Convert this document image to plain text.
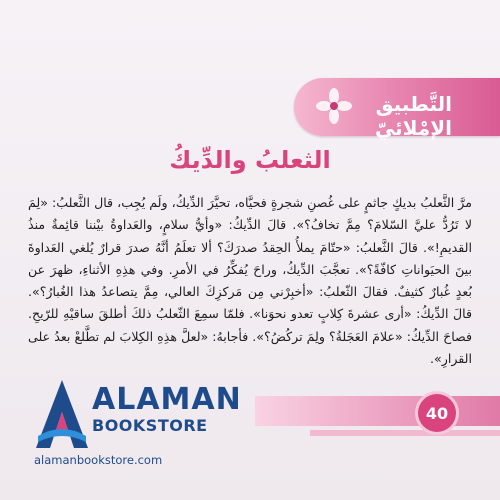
التَّطبيق الإمْلائيّ
الثعلبُ والدِّيكُ

مرَّ الثَّعلبُ بديكٍ جاثمٍ على غُصنِ شجرةٍ فحيَّاه، تحيَّرَ الدِّيكُ، ولَم يُجِب، قال الثَّعلبُ: «لِمَ لا تَرُدُّ عليَّ السّلامَ؟ مِمَّ تخافُ؟». قالَ الدِّيكُ: «وأيُّ سلامٍ، والعَداوةُ بيْننا قائِمةٌ منذُ القديمِ!». قالَ الثَّعلبُ: «حتّامَ يملأُ الحِقدُ صدرَكَ؟ ألا تعلَمُ أنَّهُ صدرَ قرارٌ يُلغي العَداوةَ بينَ الحيَواناتِ كافّةً؟». تعجَّبَ الدِّيكُ، وراحَ يُفكِّرُ في الأمرِ. وفي هذِهِ الأثناءِ، ظهرَ عن بُعدٍ غُبارٌ كثيفٌ. فقالَ الثّعلبُ: «أخبِرْني مِن مَركزِكَ العالي، مِمَّ يتصاعدُ هذا الغُبارُ؟». قالَ الدِّيكُ: «أرى عشرةَ كِلابٍ تعدو نحوَنا». فلمّا سمِعَ الثّعلبُ ذلكَ أطلقَ ساقيْهِ للرّيحِ. فصاحَ الدِّيكُ: «علامَ العَجَلةُ؟ ولِمَ تركُضُ؟». فأجابهُ: «لعلَّ هذِهِ الكِلابَ لم تطَّلعْ بعدُ على القرارِ».

40
ALAMAN
BOOKSTORE
alamanbookstore.com
